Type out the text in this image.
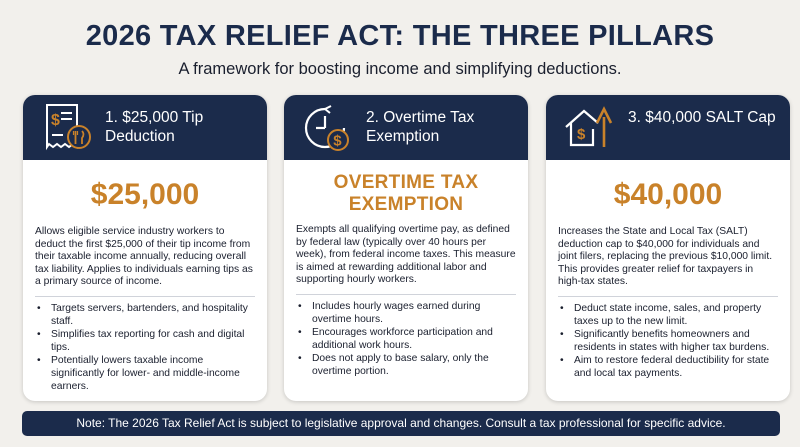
2026 TAX RELIEF ACT: THE THREE PILLARS
A framework for boosting income and simplifying deductions.
$	1. $25,000 Tip Deduction
$25,000
Allows eligible service industry workers to deduct the first $25,000 of their tip income from their taxable income annually, reducing overall tax liability. Applies to individuals earning tips as a primary source of income.
• Targets servers, bartenders, and hospitality staff.
• Simplifies tax reporting for cash and digital tips.
• Potentially lowers taxable income significantly for lower- and middle-income earners.
$
2. Overtime Tax Exemption
OVERTIME TAX EXEMPTION
Exempts all qualifying overtime pay, as defined by federal law (typically over 40 hours per week), from federal income taxes. This measure is aimed at rewarding additional labor and supporting hourly workers.
• Includes hourly wages earned during overtime hours.
• Encourages workforce participation and additional work hours.
• Does not apply to base salary, only the overtime portion.
$
3. $40,000 SALT Cap
$40,000
Increases the State and Local Tax (SALT) deduction cap to $40,000 for individuals and joint filers, replacing the previous $10,000 limit. This provides greater relief for taxpayers in high-tax states.
• Deduct state income, sales, and property taxes up to the new limit.
• Significantly benefits homeowners and residents in states with higher tax burdens.
• Aim to restore federal deductibility for state and local tax payments.
Note: The 2026 Tax Relief Act is subject to legislative approval and changes. Consult a tax professional for specific advice.
